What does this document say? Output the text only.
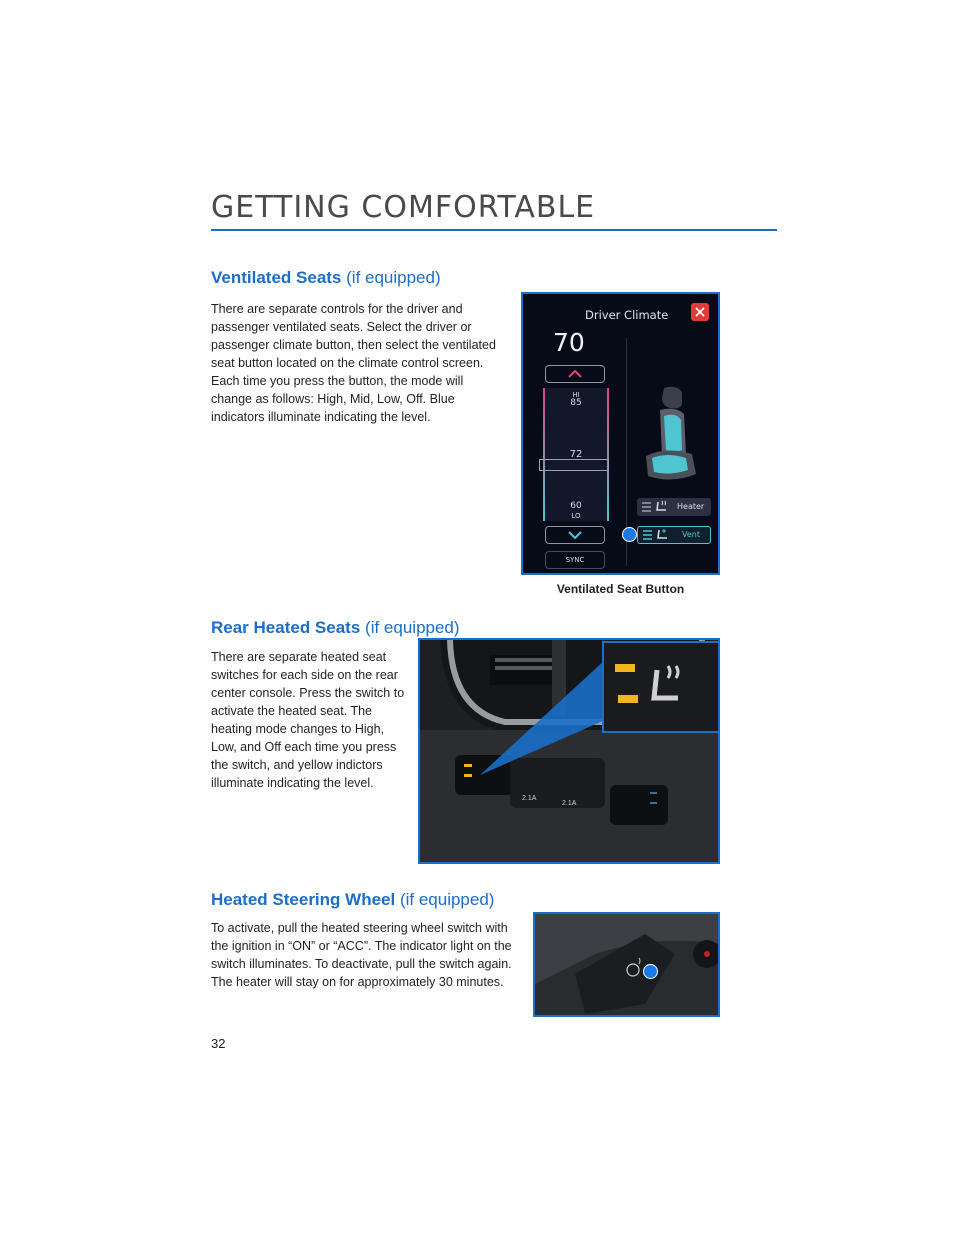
GETTING COMFORTABLE
Ventilated Seats (if equipped)

There are separate controls for the driver and passenger ventilated seats. Select the driver or passenger climate button, then select the ventilated seat button located on the climate control screen. Each time you press the button, the mode will change as follows: High, Mid, Low, Off. Blue indicators illuminate indicating the level.

Driver Climate
70
HI
85
72
60
LO
SYNC
Heater
Vent
Ventilated Seat Button
Rear Heated Seats (if equipped)

There are separate heated seat switches for each side on the rear center console. Press the switch to activate the heated seat. The heating mode changes to High, Low, and Off each time you press the switch, and yellow indictors illuminate indicating the level.

2.1A
2.1A
Heated Steering Wheel (if equipped)

To activate, pull the heated steering wheel switch with the ignition in “ON” or “ACC”. The indicator light on the switch illuminates. To deactivate, pull the switch again. The heater will stay on for approximately 30 minutes.

32
